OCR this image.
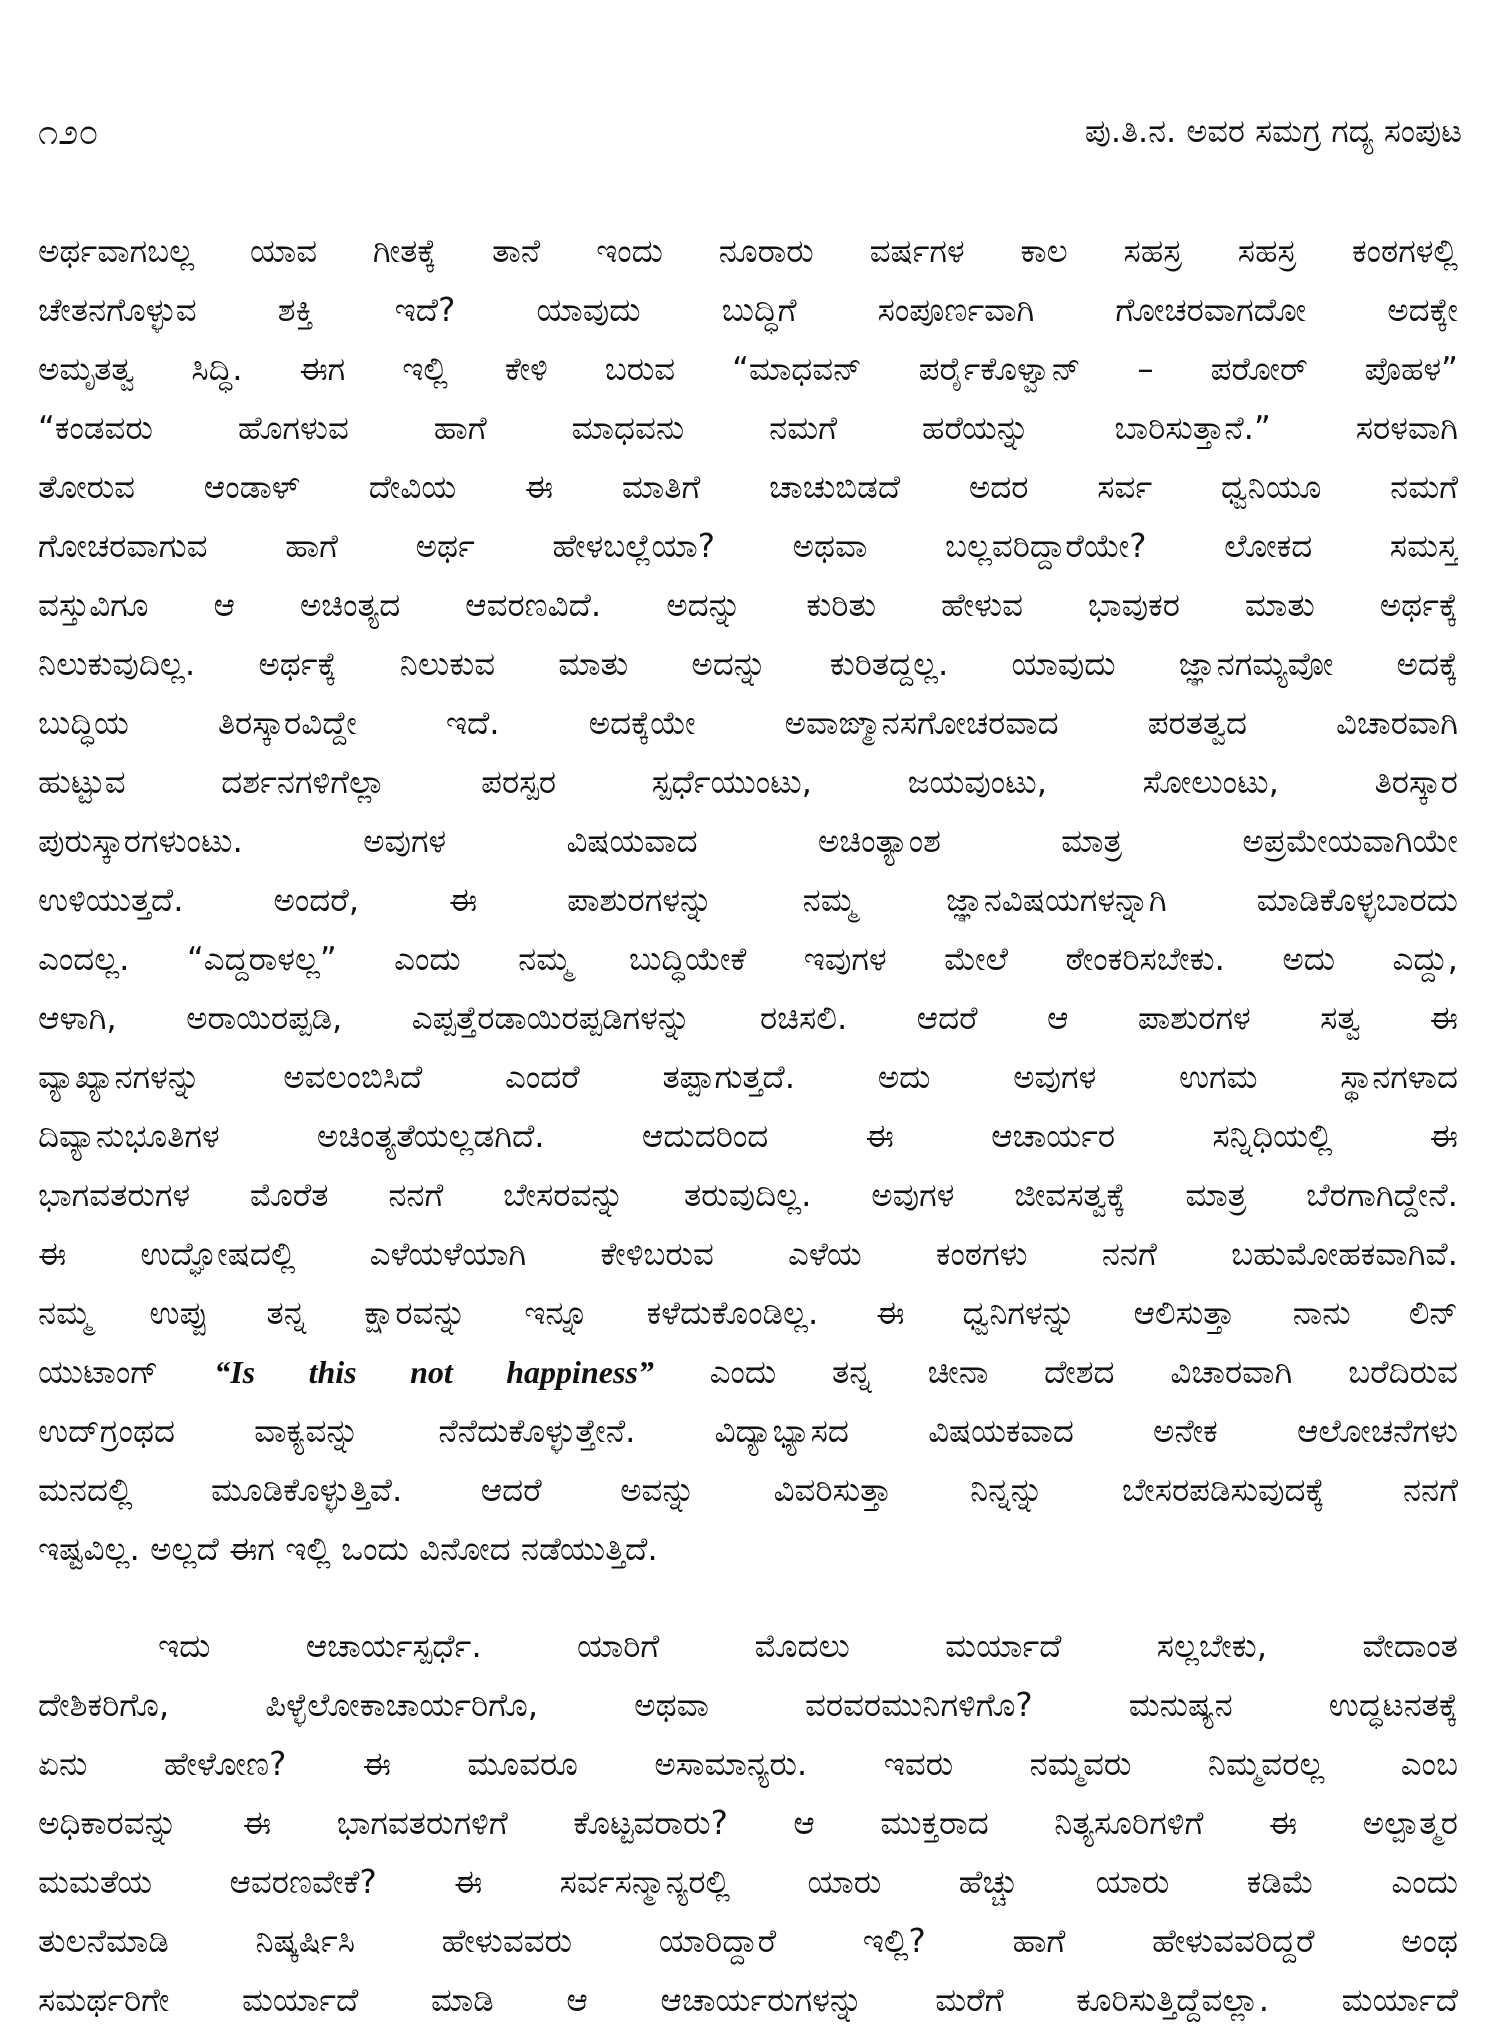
೧೨೦	ಪು.ತಿ.ನ. ಅವರ ಸಮಗ್ರ ಗದ್ಯ ಸಂಪುಟ
ಅರ್ಥವಾಗಬಲ್ಲ ಯಾವ ಗೀತಕ್ಕೆ ತಾನೆ ಇಂದು ನೂರಾರು ವರ್ಷಗಳ ಕಾಲ ಸಹಸ್ರ ಸಹಸ್ರ ಕಂಠಗಳಲ್ಲಿ
ಚೇತನಗೊಳ್ಳುವ ಶಕ್ತಿ ಇದೆ? ಯಾವುದು ಬುದ್ಧಿಗೆ ಸಂಪೂರ್ಣವಾಗಿ ಗೋಚರವಾಗದೋ ಅದಕ್ಕೇ
ಅಮೃತತ್ವ ಸಿದ್ಧಿ. ಈಗ ಇಲ್ಲಿ ಕೇಳಿ ಬರುವ “ಮಾಧವನ್ ಪರ್ರೈಕೊಳ್ವಾನ್ – ಪರೋರ್ ಪೊಹಳ”
“ಕಂಡವರು ಹೊಗಳುವ ಹಾಗೆ ಮಾಧವನು ನಮಗೆ ಹರೆಯನ್ನು ಬಾರಿಸುತ್ತಾನೆ.” ಸರಳವಾಗಿ
ತೋರುವ ಆಂಡಾಳ್ ದೇವಿಯ ಈ ಮಾತಿಗೆ ಚಾಚುಬಿಡದೆ ಅದರ ಸರ್ವ ಧ್ವನಿಯೂ ನಮಗೆ
ಗೋಚರವಾಗುವ ಹಾಗೆ ಅರ್ಥ ಹೇಳಬಲ್ಲೆಯಾ? ಅಥವಾ ಬಲ್ಲವರಿದ್ದಾರೆಯೇ? ಲೋಕದ ಸಮಸ್ತ
ವಸ್ತುವಿಗೂ ಆ ಅಚಿಂತ್ಯದ ಆವರಣವಿದೆ. ಅದನ್ನು ಕುರಿತು ಹೇಳುವ ಭಾವುಕರ ಮಾತು ಅರ್ಥಕ್ಕೆ
ನಿಲುಕುವುದಿಲ್ಲ. ಅರ್ಥಕ್ಕೆ ನಿಲುಕುವ ಮಾತು ಅದನ್ನು ಕುರಿತದ್ದಲ್ಲ. ಯಾವುದು ಜ್ಞಾನಗಮ್ಯವೋ ಅದಕ್ಕೆ
ಬುದ್ಧಿಯ ತಿರಸ್ಕಾರವಿದ್ದೇ ಇದೆ. ಅದಕ್ಕೆಯೇ ಅವಾಙ್ಮಾನಸಗೋಚರವಾದ ಪರತತ್ವದ ವಿಚಾರವಾಗಿ
ಹುಟ್ಟುವ ದರ್ಶನಗಳಿಗೆಲ್ಲಾ ಪರಸ್ಪರ ಸ್ಪರ್ಧೆಯುಂಟು, ಜಯವುಂಟು, ಸೋಲುಂಟು, ತಿರಸ್ಕಾರ
ಪುರುಸ್ಕಾರಗಳುಂಟು. ಅವುಗಳ ವಿಷಯವಾದ ಅಚಿಂತ್ಯಾಂಶ ಮಾತ್ರ ಅಪ್ರಮೇಯವಾಗಿಯೇ
ಉಳಿಯುತ್ತದೆ. ಅಂದರೆ, ಈ ಪಾಶುರಗಳನ್ನು ನಮ್ಮ ಜ್ಞಾನವಿಷಯಗಳನ್ನಾಗಿ ಮಾಡಿಕೊಳ್ಳಬಾರದು
ಎಂದಲ್ಲ. “ಎದ್ದರಾಳಲ್ಲ” ಎಂದು ನಮ್ಮ ಬುದ್ಧಿಯೇಕೆ ಇವುಗಳ ಮೇಲೆ ಠೇಂಕರಿಸಬೇಕು. ಅದು ಎದ್ದು,
ಆಳಾಗಿ, ಅರಾಯಿರಪ್ಪಡಿ, ಎಪ್ಪತ್ತೆರಡಾಯಿರಪ್ಪಡಿಗಳನ್ನು ರಚಿಸಲಿ. ಆದರೆ ಆ ಪಾಶುರಗಳ ಸತ್ವ ಈ
ವ್ಯಾಖ್ಯಾನಗಳನ್ನು ಅವಲಂಬಿಸಿದೆ ಎಂದರೆ ತಪ್ಪಾಗುತ್ತದೆ. ಅದು ಅವುಗಳ ಉಗಮ ಸ್ಥಾನಗಳಾದ
ದಿವ್ಯಾನುಭೂತಿಗಳ ಅಚಿಂತ್ಯತೆಯಲ್ಲಡಗಿದೆ. ಆದುದರಿಂದ ಈ ಆಚಾರ್ಯರ ಸನ್ನಿಧಿಯಲ್ಲಿ ಈ
ಭಾಗವತರುಗಳ ಮೊರೆತ ನನಗೆ ಬೇಸರವನ್ನು ತರುವುದಿಲ್ಲ. ಅವುಗಳ ಜೀವಸತ್ವಕ್ಕೆ ಮಾತ್ರ ಬೆರಗಾಗಿದ್ದೇನೆ.
ಈ ಉದ್ಘೋಷದಲ್ಲಿ ಎಳೆಯಳೆಯಾಗಿ ಕೇಳಿಬರುವ ಎಳೆಯ ಕಂಠಗಳು ನನಗೆ ಬಹುಮೋಹಕವಾಗಿವೆ.
ನಮ್ಮ ಉಪ್ಪು ತನ್ನ ಕ್ಷಾರವನ್ನು ಇನ್ನೂ ಕಳೆದುಕೊಂಡಿಲ್ಲ. ಈ ಧ್ವನಿಗಳನ್ನು ಆಲಿಸುತ್ತಾ ನಾನು ಲಿನ್
ಯುಟಾಂಗ್ “Is this not happiness” ಎಂದು ತನ್ನ ಚೀನಾ ದೇಶದ ವಿಚಾರವಾಗಿ ಬರೆದಿರುವ
ಉದ್‌ಗ್ರಂಥದ ವಾಕ್ಯವನ್ನು ನೆನೆದುಕೊಳ್ಳುತ್ತೇನೆ. ವಿದ್ಯಾಭ್ಯಾಸದ ವಿಷಯಕವಾದ ಅನೇಕ ಆಲೋಚನೆಗಳು
ಮನದಲ್ಲಿ ಮೂಡಿಕೊಳ್ಳುತ್ತಿವೆ. ಆದರೆ ಅವನ್ನು ವಿವರಿಸುತ್ತಾ ನಿನ್ನನ್ನು ಬೇಸರಪಡಿಸುವುದಕ್ಕೆ ನನಗೆ
ಇಷ್ಟವಿಲ್ಲ. ಅಲ್ಲದೆ ಈಗ ಇಲ್ಲಿ ಒಂದು ವಿನೋದ ನಡೆಯುತ್ತಿದೆ.
ಇದು ಆಚಾರ್ಯಸ್ಪರ್ಧೆ. ಯಾರಿಗೆ ಮೊದಲು ಮರ್ಯಾದೆ ಸಲ್ಲಬೇಕು, ವೇದಾಂತ
ದೇಶಿಕರಿಗೊ, ಪಿಳ್ಳೆಲೋಕಾಚಾರ್ಯರಿಗೊ, ಅಥವಾ ವರವರಮುನಿಗಳಿಗೊ? ಮನುಷ್ಯನ ಉದ್ಧಟನತಕ್ಕೆ
ಏನು ಹೇಳೋಣ? ಈ ಮೂವರೂ ಅಸಾಮಾನ್ಯರು. ಇವರು ನಮ್ಮವರು ನಿಮ್ಮವರಲ್ಲ ಎಂಬ
ಅಧಿಕಾರವನ್ನು ಈ ಭಾಗವತರುಗಳಿಗೆ ಕೊಟ್ಟವರಾರು? ಆ ಮುಕ್ತರಾದ ನಿತ್ಯಸೂರಿಗಳಿಗೆ ಈ ಅಲ್ಪಾತ್ಮರ
ಮಮತೆಯ ಆವರಣವೇಕೆ? ಈ ಸರ್ವಸನ್ಮಾನ್ಯರಲ್ಲಿ ಯಾರು ಹೆಚ್ಚು ಯಾರು ಕಡಿಮೆ ಎಂದು
ತುಲನೆಮಾಡಿ ನಿಷ್ಕರ್ಷಿಸಿ ಹೇಳುವವರು ಯಾರಿದ್ದಾರೆ ಇಲ್ಲಿ? ಹಾಗೆ ಹೇಳುವವರಿದ್ದರೆ ಅಂಥ
ಸಮರ್ಥರಿಗೇ ಮರ್ಯಾದೆ ಮಾಡಿ ಆ ಆಚಾರ್ಯರುಗಳನ್ನು ಮರೆಗೆ ಕೂರಿಸುತ್ತಿದ್ದೆವಲ್ಲಾ. ಮರ್ಯಾದೆ
